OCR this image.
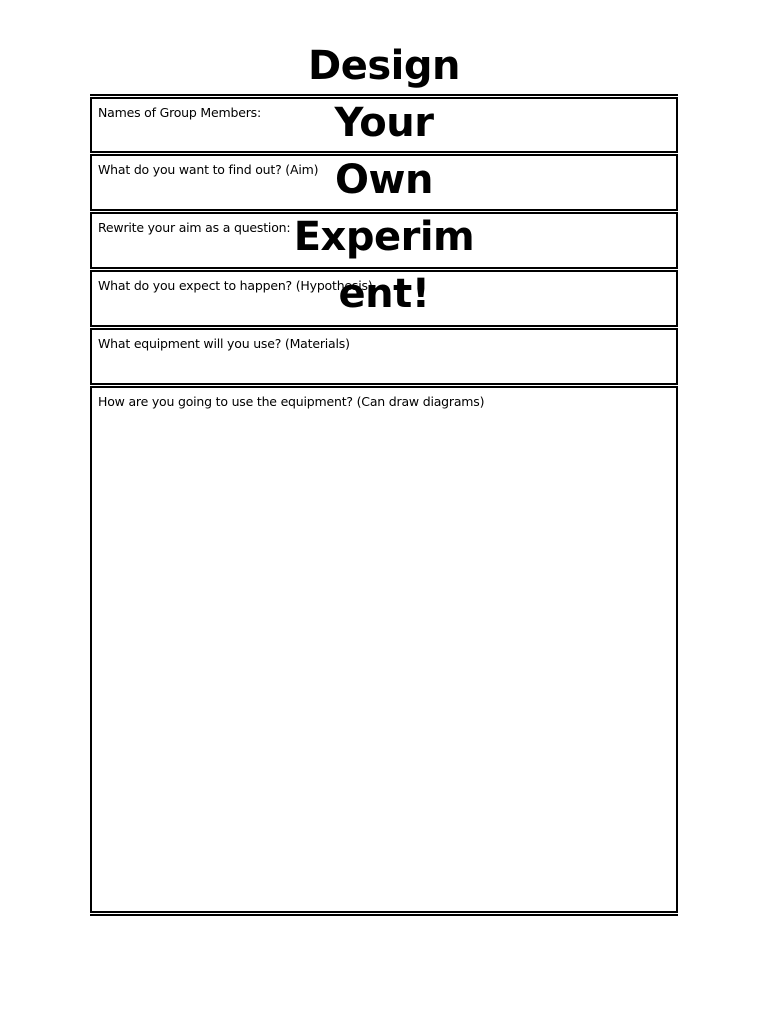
Names of Group Members:
What do you want to find out? (Aim)
Rewrite your aim as a question:
What do you expect to happen? (Hypothesis)
What equipment will you use? (Materials)
How are you going to use the equipment? (Can draw diagrams)
Design
Your
Own
Experim
ent!
